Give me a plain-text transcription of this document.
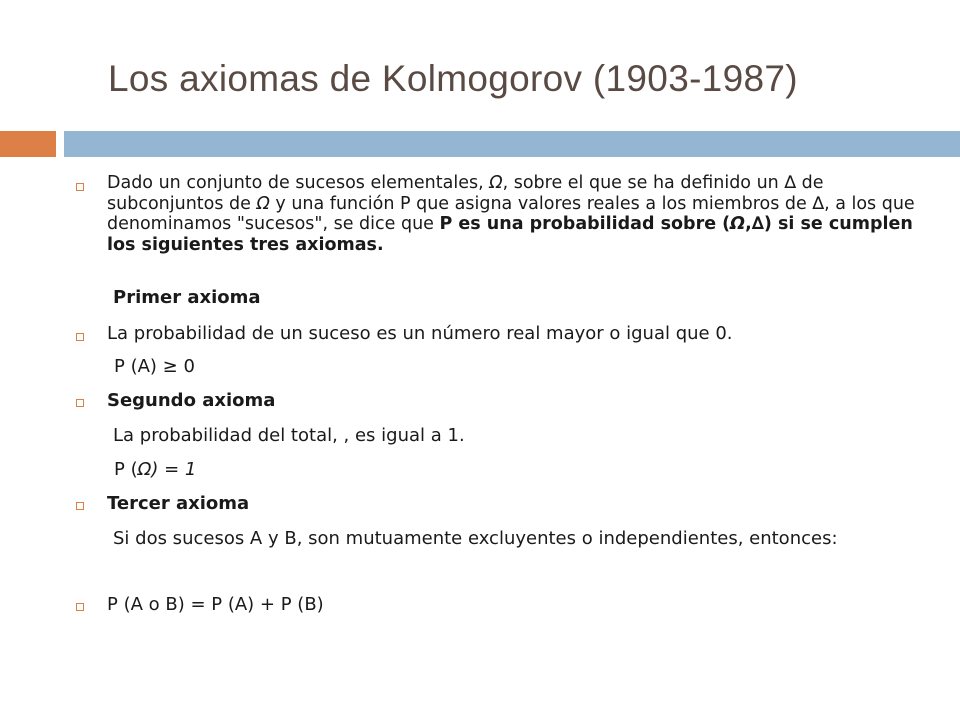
Los axiomas de Kolmogorov (1903-1987)
Dado un conjunto de sucesos elementales, Ω, sobre el que se ha definido un ∆ de subconjuntos de Ω y una función P que asigna valores reales a los miembros de ∆, a los que denominamos "sucesos", se dice que P es una probabilidad sobre (Ω,∆) si se cumplen los siguientes tres axiomas.
Primer axioma
La probabilidad de un suceso es un número real mayor o igual que 0.
P (A) ≥ 0
Segundo axioma
La probabilidad del total, , es igual a 1.
P (Ω) = 1
Tercer axioma
Si dos sucesos A y B, son mutuamente excluyentes o independientes, entonces:
P (A o B) = P (A) + P (B)
